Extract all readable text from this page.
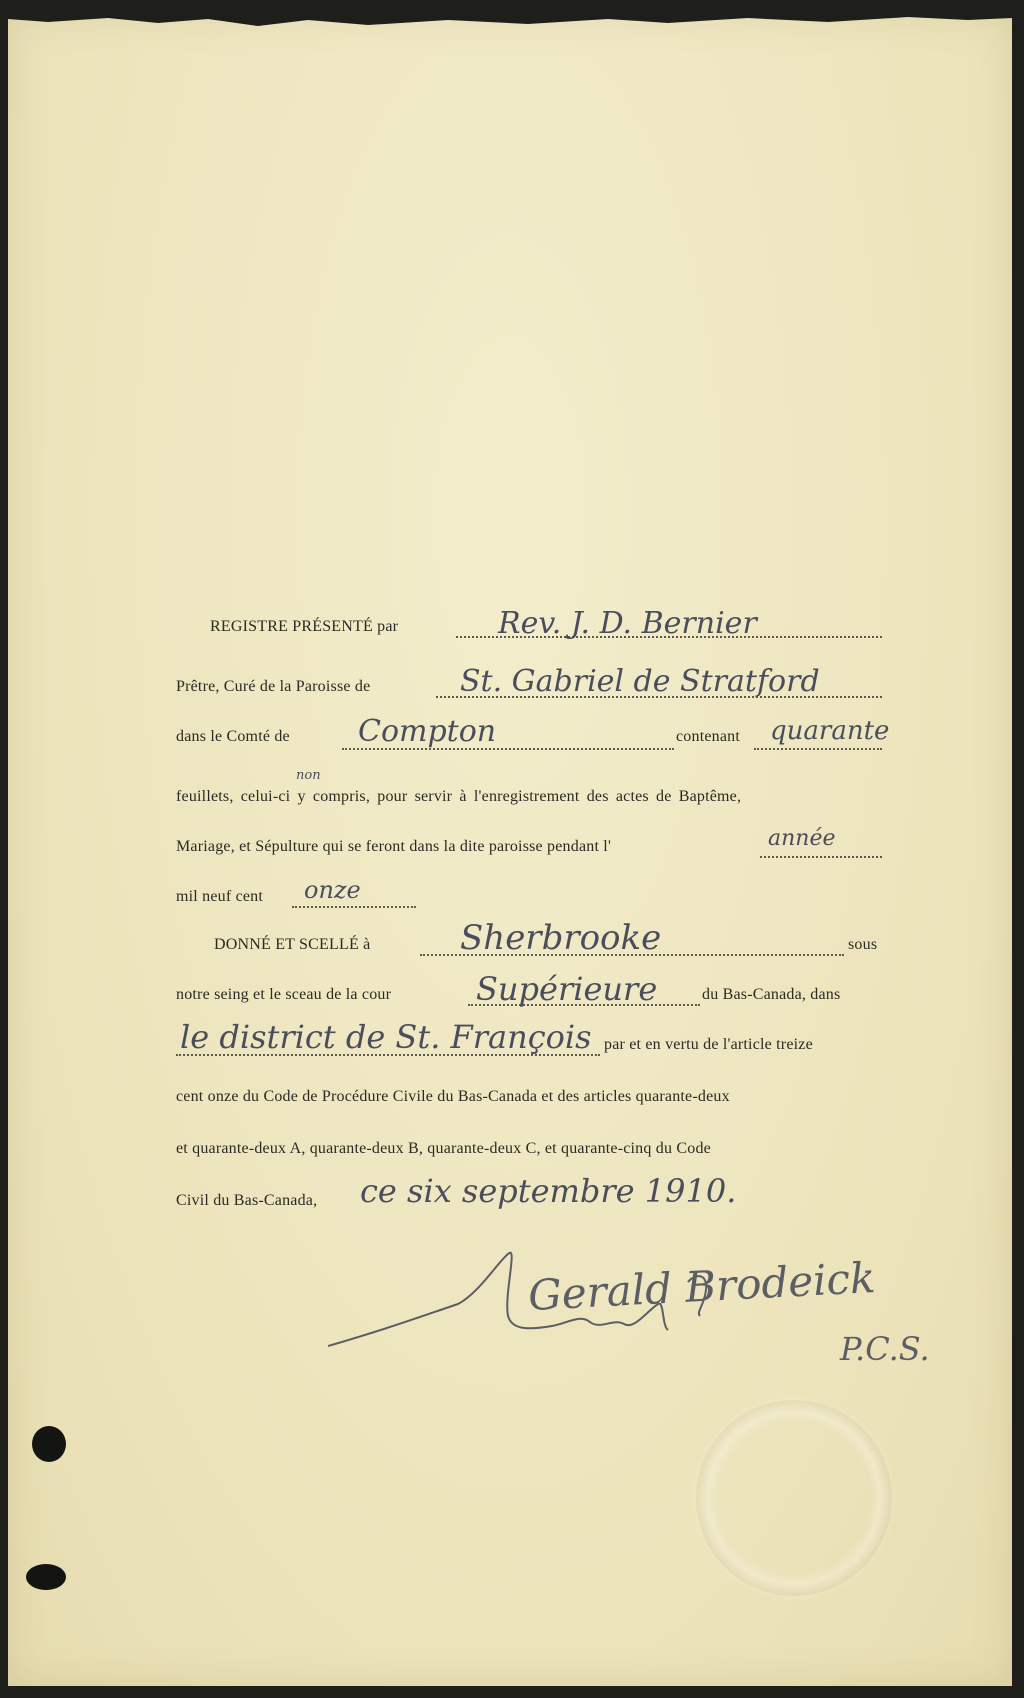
REGISTRE PRÉSENTÉ par	Rev. J. D. Bernier
Prêtre, Curé de la Paroisse de	St. Gabriel de Stratford
dans le Comté de Compton	contenant quarante
non
feuillets, celui-ci y compris, pour servir à l'enregistrement des actes de Baptême,
Mariage, et Sépulture qui se feront dans la dite paroisse pendant l'	année
mil neuf cent onze
DONNÉ ET SCELLÉ à	Sherbrooke	sous
notre seing et le sceau de la cour	Supérieure	du Bas-Canada, dans
le district de St. François par et en vertu de l'article treize
cent onze du Code de Procédure Civile du Bas-Canada et des articles quarante-deux
et quarante-deux A, quarante-deux B, quarante-deux C, et quarante-cinq du Code
Civil du Bas-Canada, ce six septembre 1910.
Gerald Brodeick
P.C.S.
